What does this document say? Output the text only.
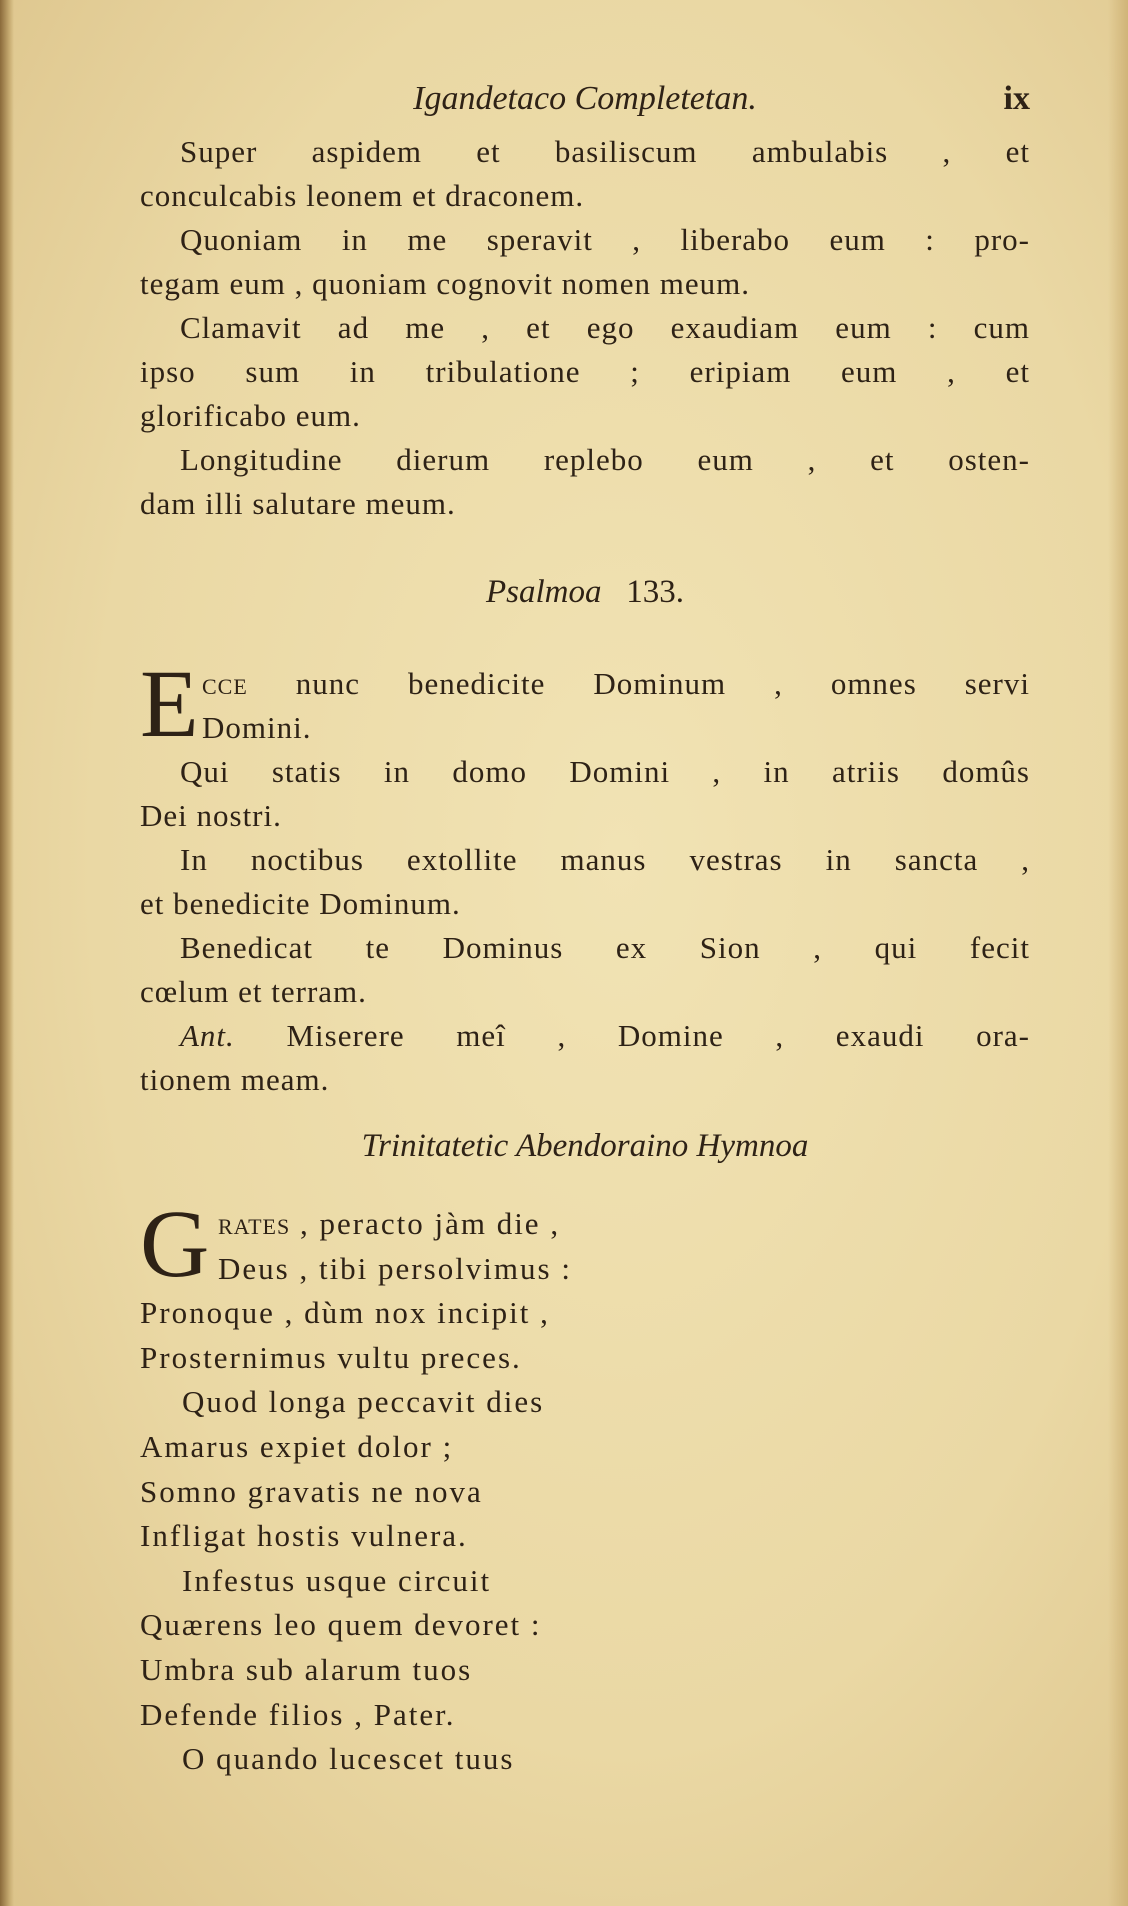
Igandetaco Completetan.	ix
Super aspidem et basiliscum ambulabis , et
conculcabis leonem et draconem.
Quoniam in me speravit , liberabo eum : pro-
tegam eum , quoniam cognovit nomen meum.
Clamavit ad me , et ego exaudiam eum : cum
ipso sum in tribulatione ; eripiam eum , et
glorificabo eum.
Longitudine dierum replebo eum , et osten-
dam illi salutare meum.
Psalmoa 133.
E CCE nunc benedicite Dominum , omnes servi
Domini.
Qui statis in domo Domini , in atriis domûs
Dei nostri.
In noctibus extollite manus vestras in sancta ,
et benedicite Dominum.
Benedicat te Dominus ex Sion , qui fecit
cœlum et terram.
Ant. Miserere meî , Domine , exaudi ora-
tionem meam.
Trinitatetic Abendoraino Hymnoa
G RATES , peracto jàm die ,
Deus , tibi persolvimus :
Pronoque , dùm nox incipit ,
Prosternimus vultu preces.
Quod longa peccavit dies
Amarus expiet dolor ;
Somno gravatis ne nova
Infligat hostis vulnera.
Infestus usque circuit
Quærens leo quem devoret :
Umbra sub alarum tuos
Defende filios , Pater.
O quando lucescet tuus
